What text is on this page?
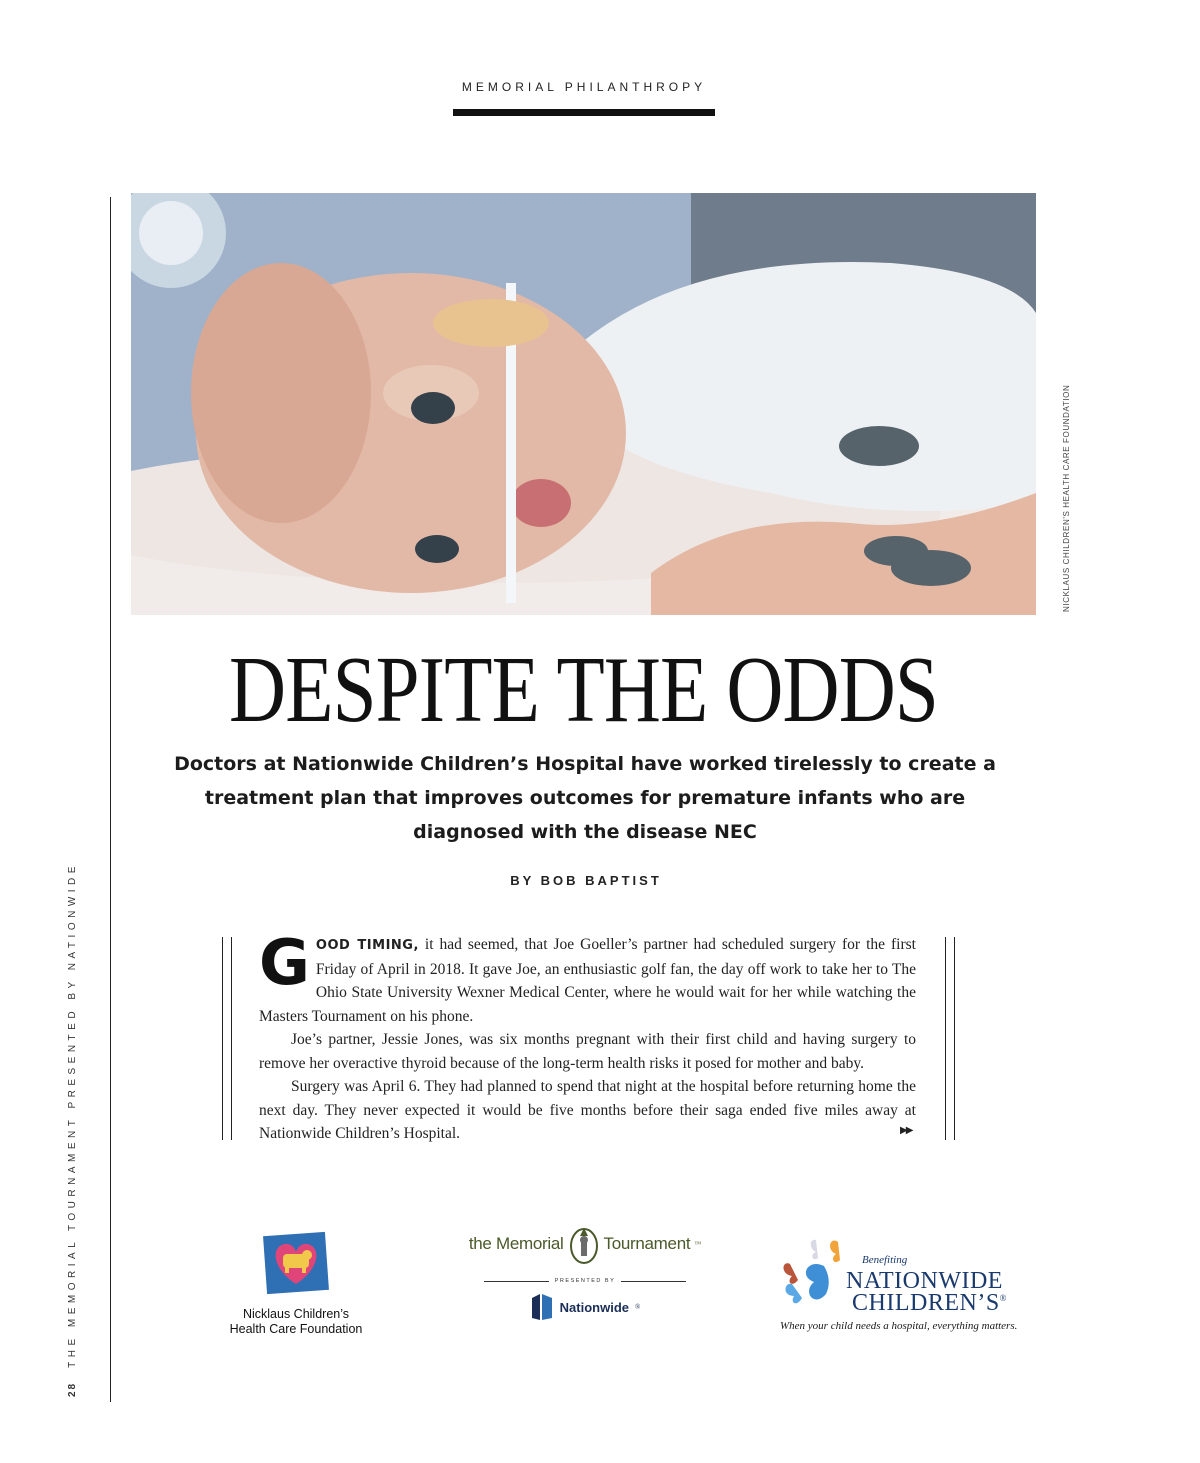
MEMORIAL PHILANTHROPY
28THE MEMORIAL TOURNAMENT PRESENTED BY NATIONWIDE
NICKLAUS CHILDREN'S HEALTH CARE FOUNDATION
DESPITE THE ODDS
Doctors at Nationwide Children’s Hospital have worked tirelessly to create a treatment plan that improves outcomes for premature infants who are diagnosed with the disease NEC
BY BOB BAPTIST

GOOD TIMING, it had seemed, that Joe Goeller’s partner had scheduled surgery for the first Friday of April in 2018. It gave Joe, an enthusiastic golf fan, the day off work to take her to The Ohio State University Wexner Medical Center, where he would wait for her while watching the Masters Tournament on his phone.

Joe’s partner, Jessie Jones, was six months pregnant with their first child and having surgery to remove her overactive thyroid because of the long-term health risks it posed for mother and baby.

Surgery was April 6. They had planned to spend that night at the hospital before returning home the next day. They never expected it would be five months before their saga ended five miles away at Nationwide Children’s Hospital.	▶▶
Nicklaus Children’s
Health Care Foundation
the Memorial Tournament ™
PRESENTED BY
Nationwide ®
Benefiting
NATIONWIDE
CHILDREN’S®
When your child needs a hospital, everything matters.
